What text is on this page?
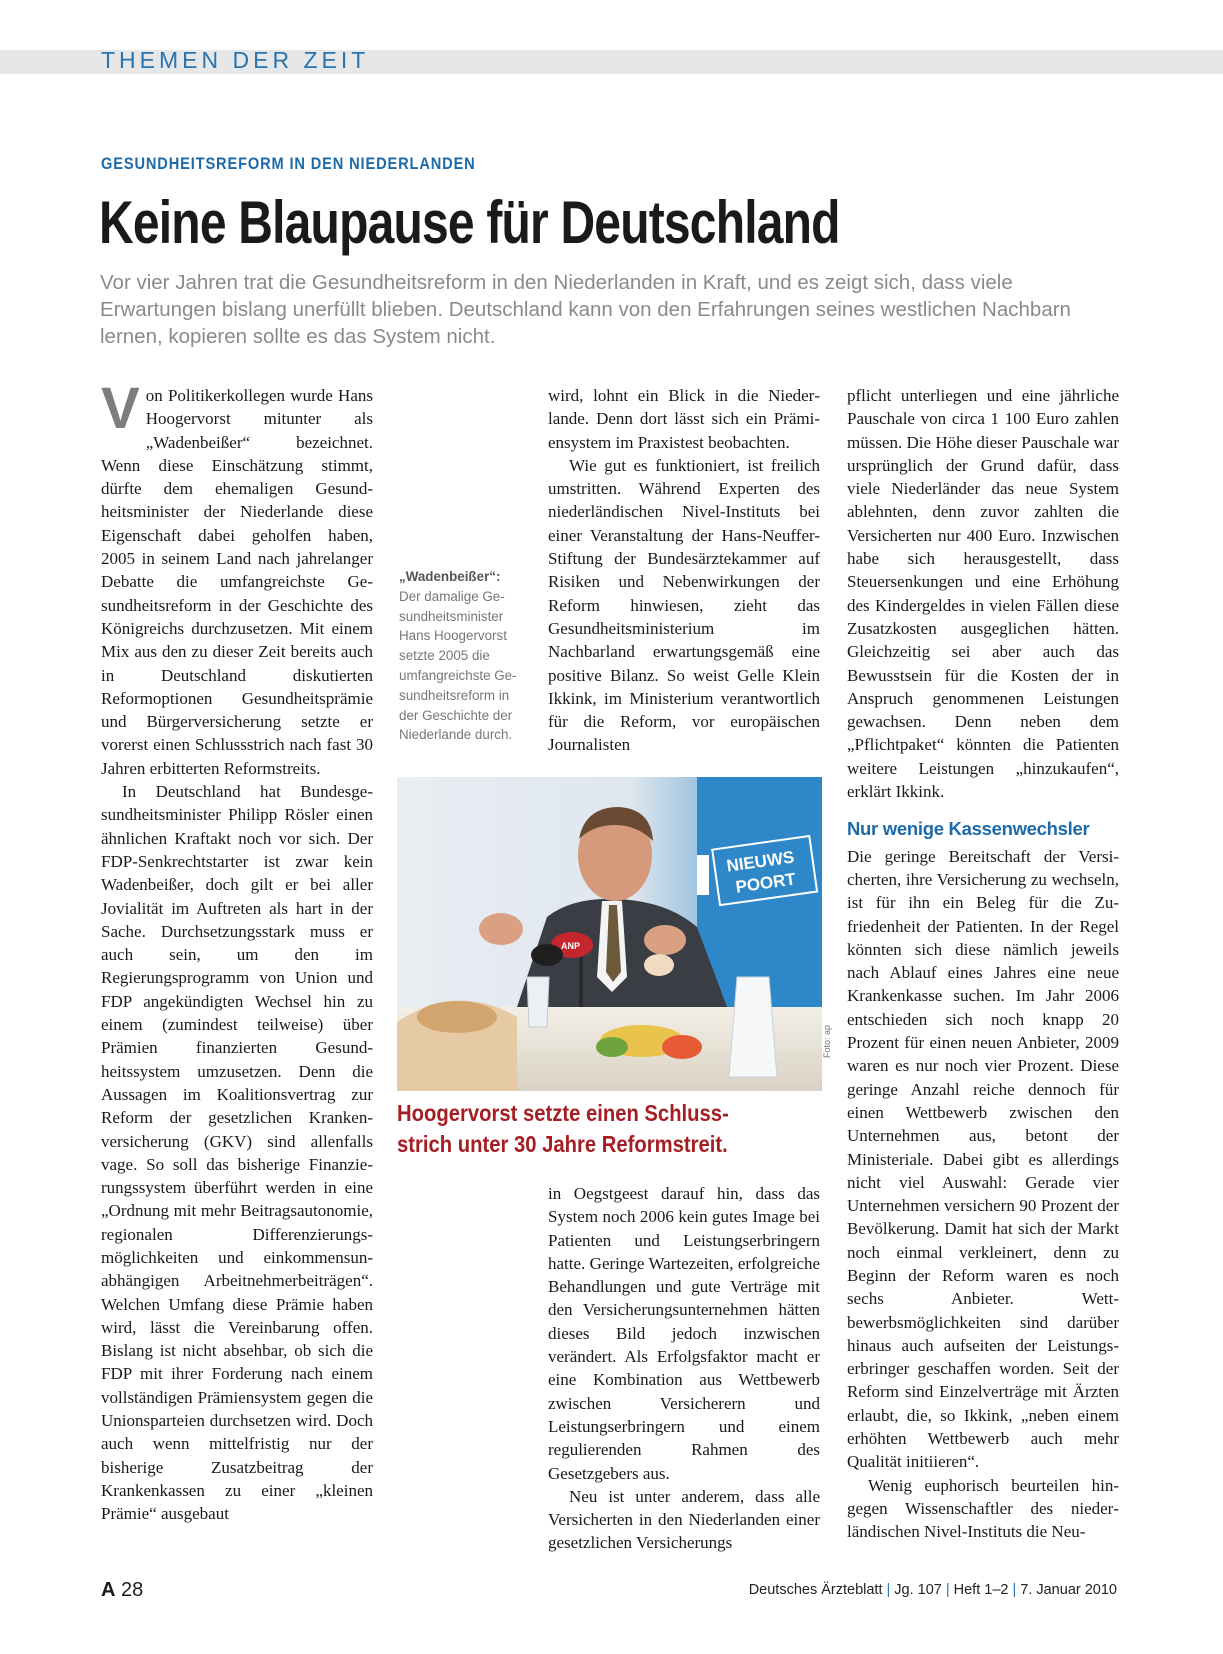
THEMEN DER ZEIT
GESUNDHEITSREFORM IN DEN NIEDERLANDEN
Keine Blaupause für Deutschland
Vor vier Jahren trat die Gesundheitsreform in den Niederlanden in Kraft, und es zeigt sich, dass viele Erwartungen bislang unerfüllt blieben. Deutschland kann von den Erfahrungen seines westlichen Nachbarn lernen, kopieren sollte es das System nicht.

Von Politikerkollegen wurde Hans Hoogervorst mitunter als „Wadenbeißer“ bezeichnet. Wenn diese Einschätzung stimmt, dürfte dem ehemaligen Gesundheitsminister der Niederlande diese Eigenschaft dabei geholfen haben, 2005 in seinem Land nach jahrelanger Debatte die umfangreichste Gesundheitsreform in der Geschichte des Königreichs durchzusetzen. Mit einem Mix aus den zu dieser Zeit bereits auch in Deutschland diskutierten Reformoptionen Gesundheitsprämie und Bürgerversicherung setzte er vorerst einen Schlussstrich nach fast 30 Jahren erbitterten Reformstreits.

In Deutschland hat Bundesgesundheitsminister Philipp Rösler einen ähnlichen Kraftakt noch vor sich. Der FDP-Senkrechtstarter ist zwar kein Wadenbeißer, doch gilt er bei aller Jovialität im Auftreten als hart in der Sache. Durchsetzungsstark muss er auch sein, um den im Regierungsprogramm von Union und FDP angekündigten Wechsel hin zu einem (zumindest teilweise) über Prämien finanzierten Gesundheitssystem umzusetzen. Denn die Aussagen im Koalitionsvertrag zur Reform der gesetzlichen Krankenversicherung (GKV) sind allenfalls vage. So soll das bisherige Finanzierungssystem überführt werden in eine „Ordnung mit mehr Beitragsautonomie, regionalen Differenzierungsmöglichkeiten und einkommensunabhängigen Arbeitnehmerbeiträgen“. Welchen Umfang diese Prämie haben wird, lässt die Vereinbarung offen. Bislang ist nicht absehbar, ob sich die FDP mit ihrer Forderung nach einem vollständigen Prämiensystem gegen die Unionsparteien durchsetzen wird. Doch auch wenn mittelfristig nur der bisherige Zusatzbeitrag der Krankenkassen zu einer „kleinen Prämie“ ausgebaut

„Wadenbeißer“:
Der damalige Gesundheitsminister Hans Hoogervorst setzte 2005 die umfangreichste Gesundheitsreform in der Geschichte der Niederlande durch.

wird, lohnt ein Blick in die Niederlande. Denn dort lässt sich ein Prämiensystem im Praxistest beobachten.

Wie gut es funktioniert, ist freilich umstritten. Während Experten des niederländischen Nivel-Instituts bei einer Veranstaltung der Hans-Neuffer-Stiftung der Bundesärztekammer auf Risiken und Nebenwirkungen der Reform hinwiesen, zieht das Gesundheitsministerium im Nachbarland erwartungsgemäß eine positive Bilanz. So weist Gelle Klein Ikkink, im Ministerium verantwortlich für die Reform, vor europäischen Journalisten

NIEUWS
POORT
ANP
Foto: ap
Hoogervorst setzte einen Schlussstrich unter 30 Jahre Reformstreit.

in Oegstgeest darauf hin, dass das System noch 2006 kein gutes Image bei Patienten und Leistungserbringern hatte. Geringe Wartezeiten, erfolgreiche Behandlungen und gute Verträge mit den Versicherungsunternehmen hätten dieses Bild jedoch inzwischen verändert. Als Erfolgsfaktor macht er eine Kombination aus Wettbewerb zwischen Versicherern und Leistungserbringern und einem regulierenden Rahmen des Gesetzgebers aus.

Neu ist unter anderem, dass alle Versicherten in den Niederlanden einer gesetzlichen Versicherungs

pflicht unterliegen und eine jährliche Pauschale von circa 1 100 Euro zahlen müssen. Die Höhe dieser Pauschale war ursprünglich der Grund dafür, dass viele Niederländer das neue System ablehnten, denn zuvor zahlten die Versicherten nur 400 Euro. Inzwischen habe sich herausgestellt, dass Steuersenkungen und eine Erhöhung des Kindergeldes in vielen Fällen diese Zusatzkosten ausgeglichen hätten. Gleichzeitig sei aber auch das Bewusstsein für die Kosten der in Anspruch genommenen Leistungen gewachsen. Denn neben dem „Pflichtpaket“ könnten die Patienten weitere Leistungen „hinzukaufen“, erklärt Ikkink.

Nur wenige Kassenwechsler

Die geringe Bereitschaft der Versicherten, ihre Versicherung zu wechseln, ist für ihn ein Beleg für die Zufriedenheit der Patienten. In der Regel könnten sich diese nämlich jeweils nach Ablauf eines Jahres eine neue Krankenkasse suchen. Im Jahr 2006 entschieden sich noch knapp 20 Prozent für einen neuen Anbieter, 2009 waren es nur noch vier Prozent. Diese geringe Anzahl reiche dennoch für einen Wettbewerb zwischen den Unternehmen aus, betont der Ministeriale. Dabei gibt es allerdings nicht viel Auswahl: Gerade vier Unternehmen versichern 90 Prozent der Bevölkerung. Damit hat sich der Markt noch einmal verkleinert, denn zu Beginn der Reform waren es noch sechs Anbieter. Wettbewerbsmöglichkeiten sind darüber hinaus auch aufseiten der Leistungserbringer geschaffen worden. Seit der Reform sind Einzelverträge mit Ärzten erlaubt, die, so Ikkink, „neben einem erhöhten Wettbewerb auch mehr Qualität initiieren“.

Wenig euphorisch beurteilen hingegen Wissenschaftler des niederländischen Nivel-Instituts die Neu-

A 28	Deutsches Ärzteblatt | Jg. 107 | Heft 1–2 | 7. Januar 2010
